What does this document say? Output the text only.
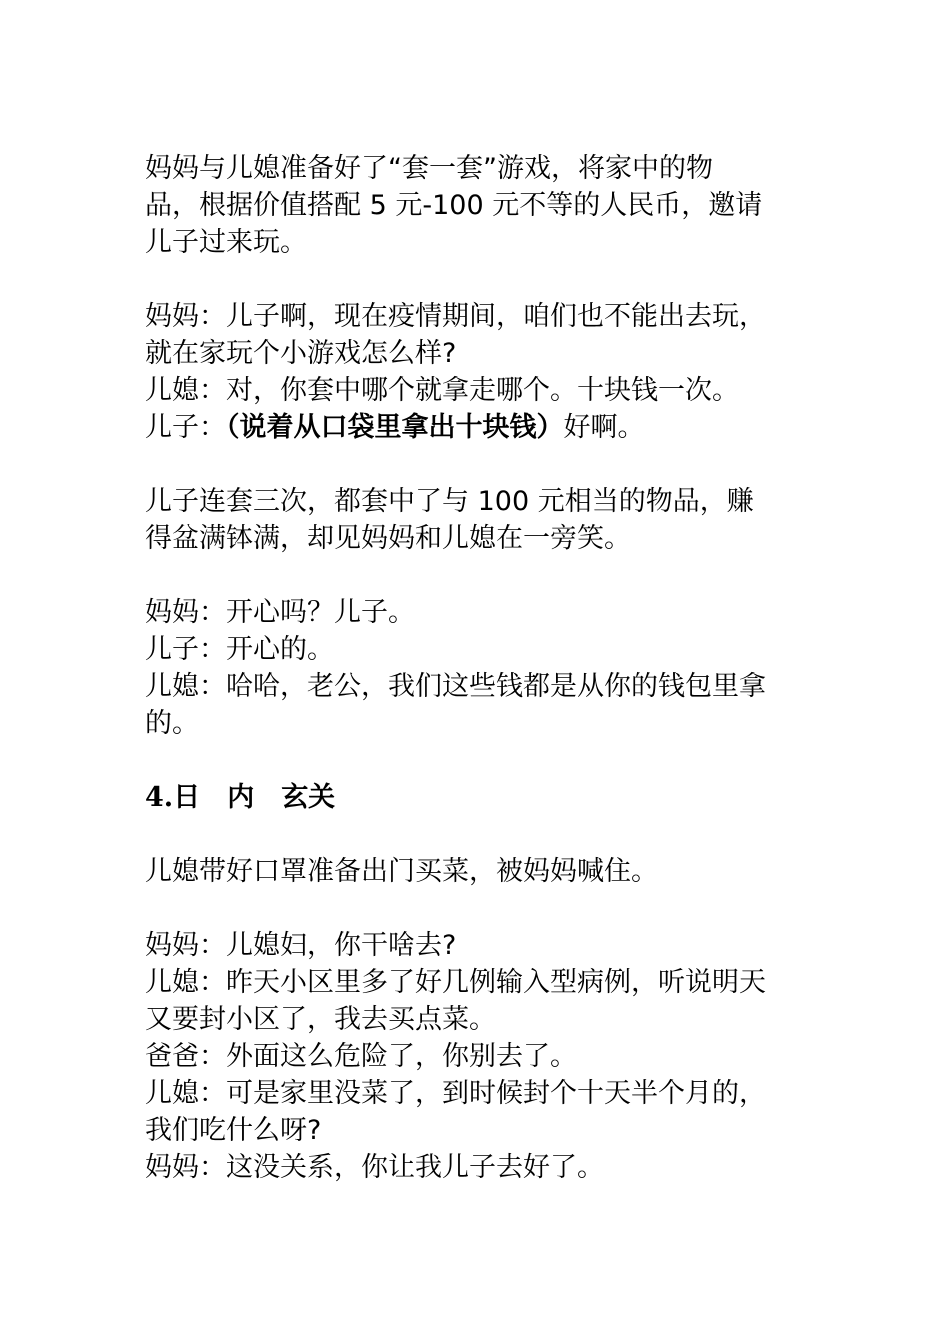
妈妈与儿媳准备好了“套一套”游戏，将家中的物
品，根据价值搭配 5 元-100 元不等的人民币，邀请
儿子过来玩。
妈妈：儿子啊，现在疫情期间，咱们也不能出去玩，
就在家玩个小游戏怎么样?
儿媳：对，你套中哪个就拿走哪个。十块钱一次。
儿子：（说着从口袋里拿出十块钱）好啊。
儿子连套三次，都套中了与 100 元相当的物品，赚
得盆满钵满，却见妈妈和儿媳在一旁笑。
妈妈：开心吗？儿子。
儿子：开心的。
儿媳：哈哈，老公，我们这些钱都是从你的钱包里拿
的。
4.日 内 玄关
儿媳带好口罩准备出门买菜，被妈妈喊住。
妈妈：儿媳妇，你干啥去?
儿媳：昨天小区里多了好几例输入型病例，听说明天
又要封小区了，我去买点菜。
爸爸：外面这么危险了，你别去了。
儿媳：可是家里没菜了，到时候封个十天半个月的，
我们吃什么呀?
妈妈：这没关系，你让我儿子去好了。
